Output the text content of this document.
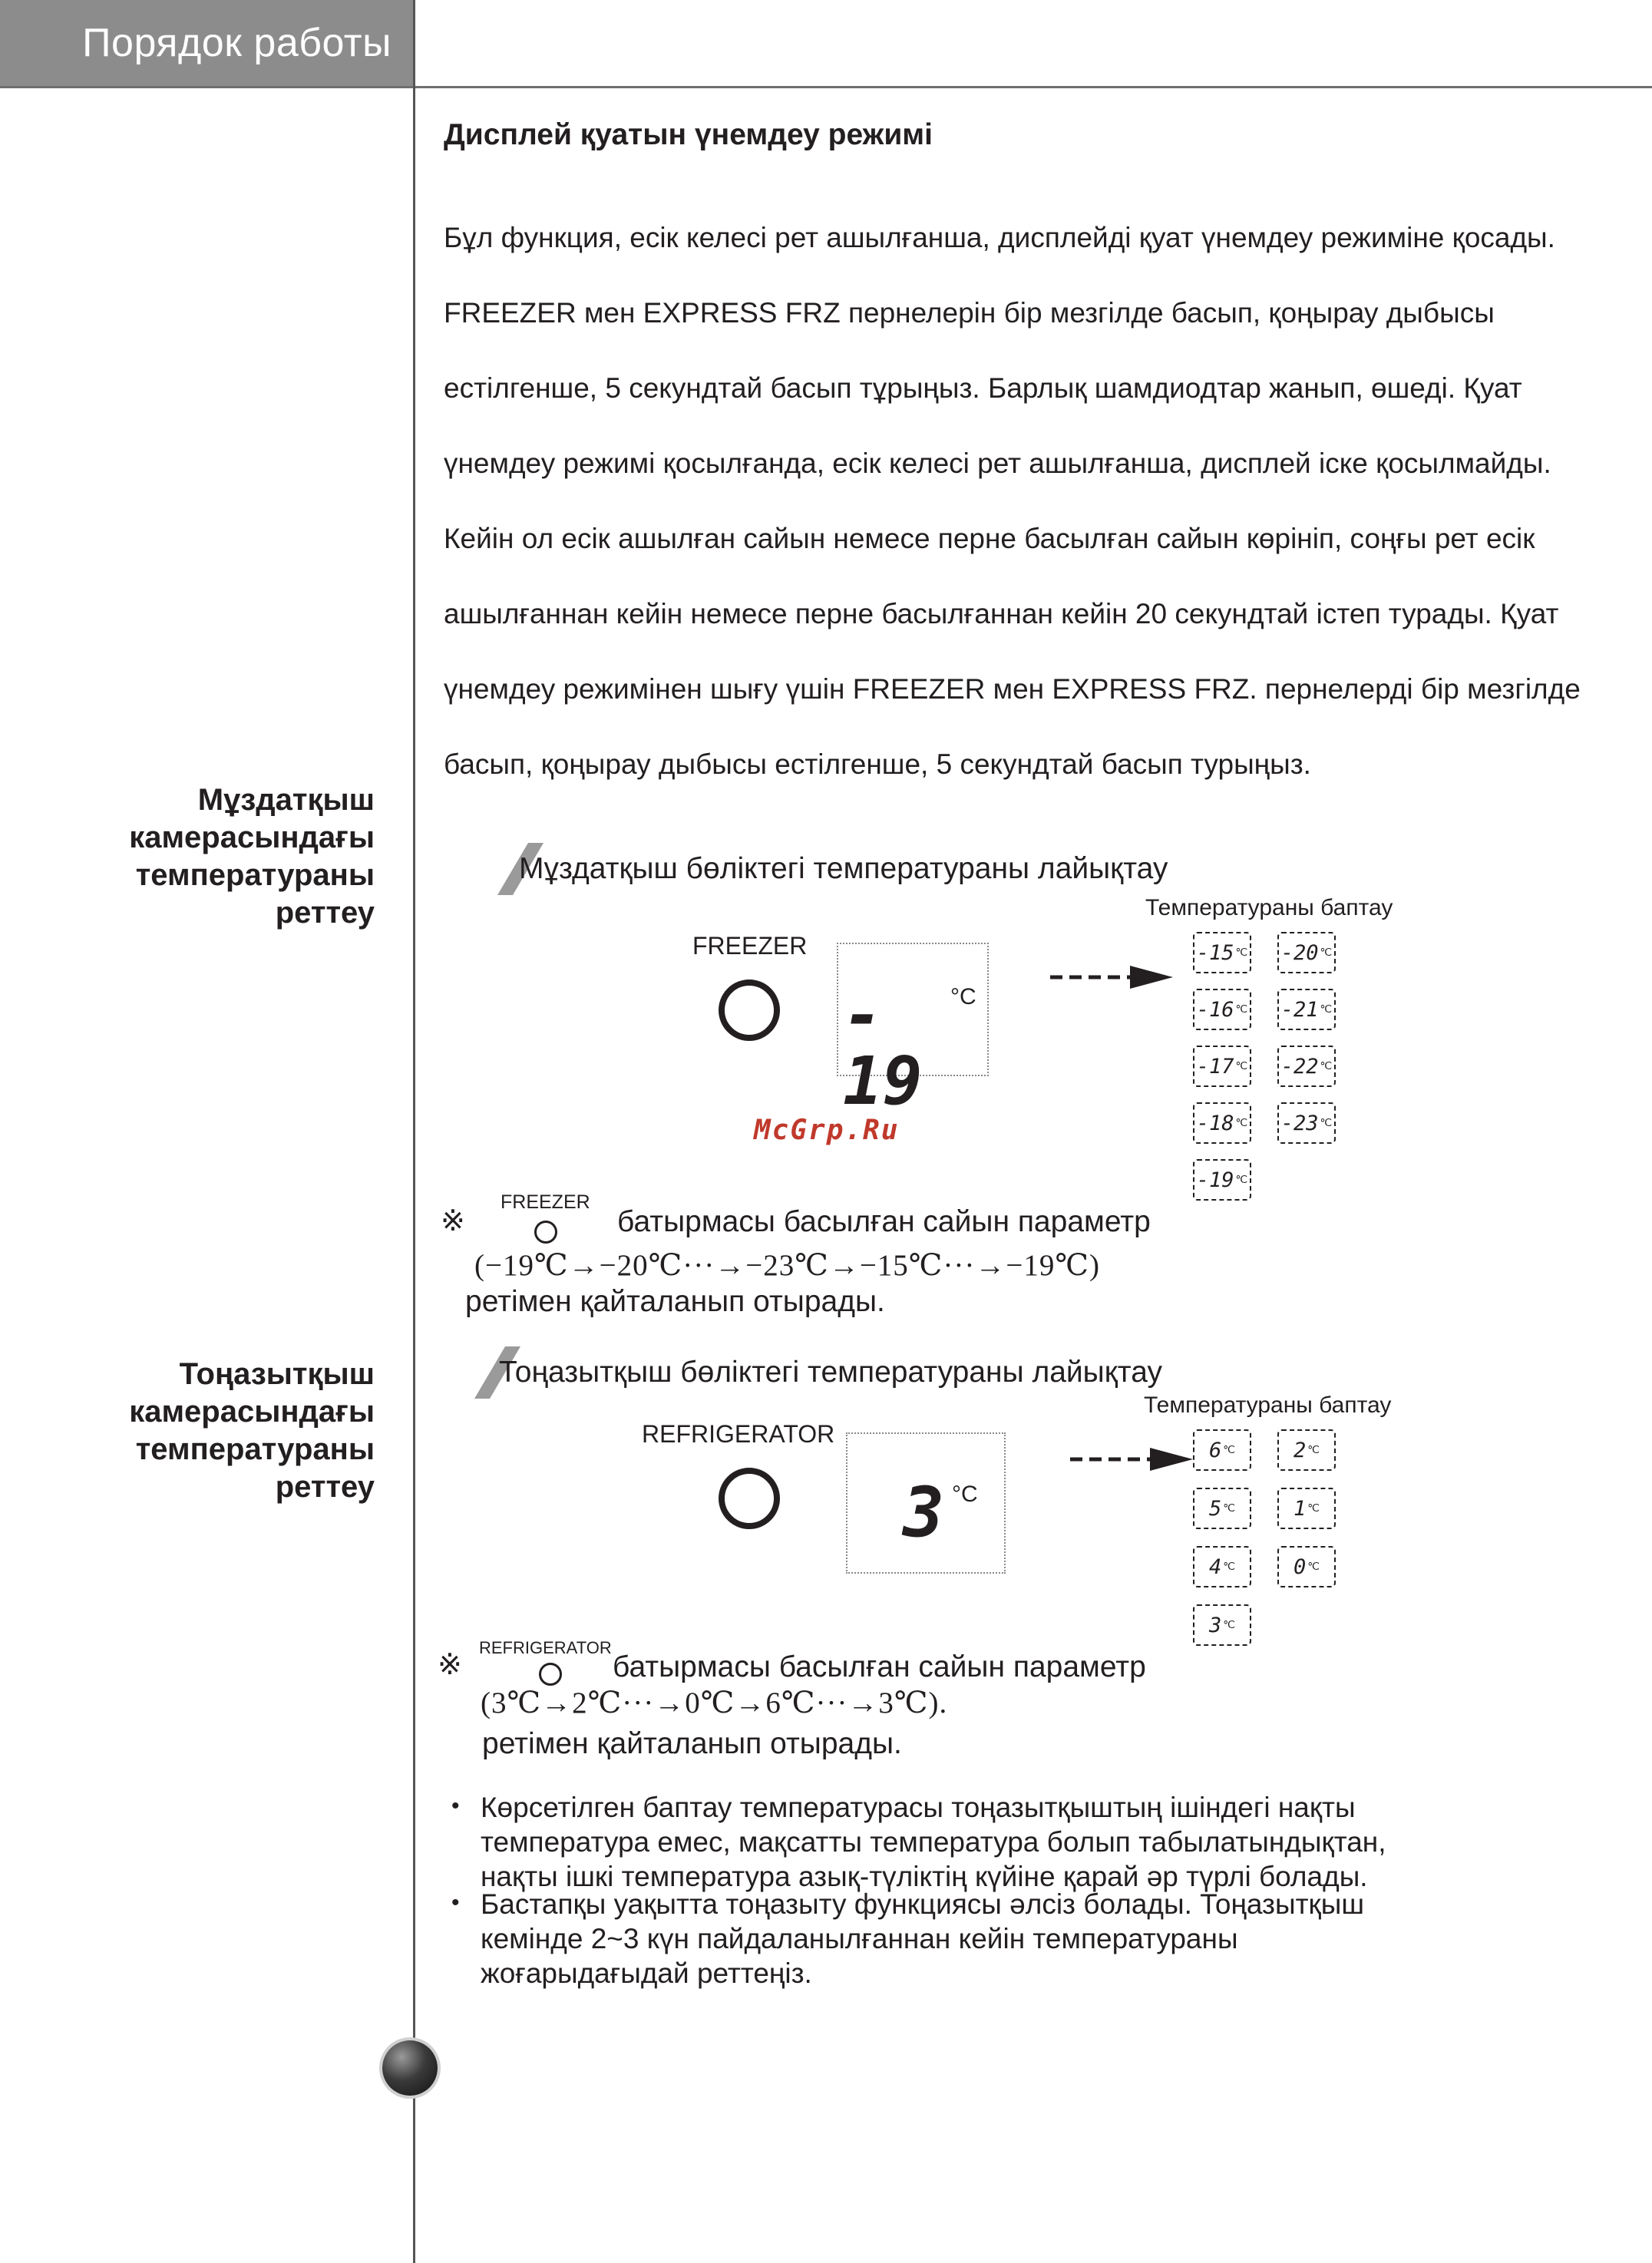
Порядок работы
Дисплей қуатын үнемдеу режимі

Бұл функция, есік келесі рет ашылғанша, дисплейді қуат үнемдеу режиміне қосады.

FREEZER мен EXPRESS FRZ пернелерін бір мезгілде басып, қоңырау дыбысы

естілгенше, 5 секундтай басып тұрыңыз. Барлық шамдиодтар жанып, өшеді. Қуат

үнемдеу режимі қосылғанда, есік келесі рет ашылғанша, дисплей іске қосылмайды.

Кейін ол есік ашылған сайын немесе перне басылған сайын көрініп, соңғы рет есік

ашылғаннан кейін немесе перне басылғаннан кейін 20 секундтай істеп турады. Қуат

үнемдеу режимінен шығу үшін FREEZER мен EXPRESS FRZ. пернелерді бір мезгілде

басып, қоңырау дыбысы естілгенше, 5 секундтай басып турыңыз.

Мұздатқыш
камерасындағы
температураны
реттеу
Мұздатқыш бөліктегі температураны лайықтау
Температураны баптау
FREEZER
- 19
°C
-15 ℃
-16 ℃
-17 ℃
-18 ℃
-19 ℃
-20 ℃
-21 ℃
-22 ℃
-23 ℃
McGrp.Ru
※
FREEZER
батырмасы басылған сайын параметр
(−19℃→−20℃···→−23℃→−15℃···→−19℃)
ретімен қайталанып отырады.
Тоңазытқыш
камерасындағы
температураны
реттеу
Тоңазытқыш бөліктегі температураны лайықтау
Температураны баптау
REFRIGERATOR
3 °C
6 ℃
5 ℃
4 ℃
3 ℃
2 ℃
1 ℃
0 ℃
※
REFRIGERATOR
батырмасы басылған сайын параметр
(3℃→2℃···→0℃→6℃···→3℃).
ретімен қайталанып отырады.
• Көрсетілген баптау температурасы тоңазытқыштың ішіндегі нақты
температура емес, мақсатты температура болып табылатындықтан,
нақты ішкі температура азық-түліктің күйіне қарай әр түрлі болады.
• Бастапқы уақытта тоңазыту функциясы әлсіз болады. Тоңазытқыш
кемінде 2~3 күн пайдаланылғаннан кейін температураны
жоғарыдағыдай реттеңіз.
